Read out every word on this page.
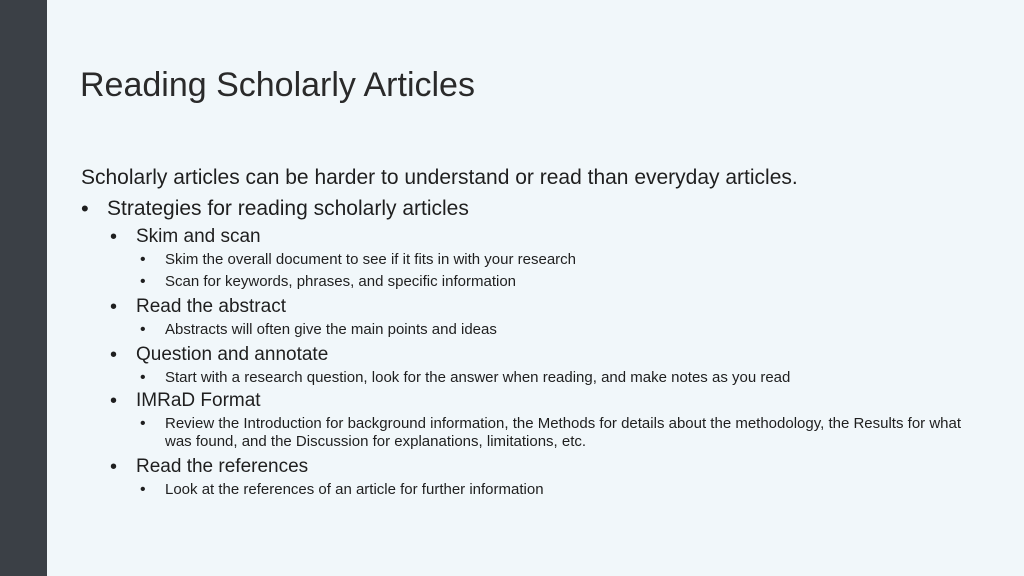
Reading Scholarly Articles

Scholarly articles can be harder to understand or read than everyday articles.

• Strategies for reading scholarly articles
• Skim and scan
• Skim the overall document to see if it fits in with your research
• Scan for keywords, phrases, and specific information
• Read the abstract
• Abstracts will often give the main points and ideas
• Question and annotate
• Start with a research question, look for the answer when reading, and make notes as you read
• IMRaD Format
• Review the Introduction for background information, the Methods for details about the methodology, the Results for what was found, and the Discussion for explanations, limitations, etc.
• Read the references
• Look at the references of an article for further information
